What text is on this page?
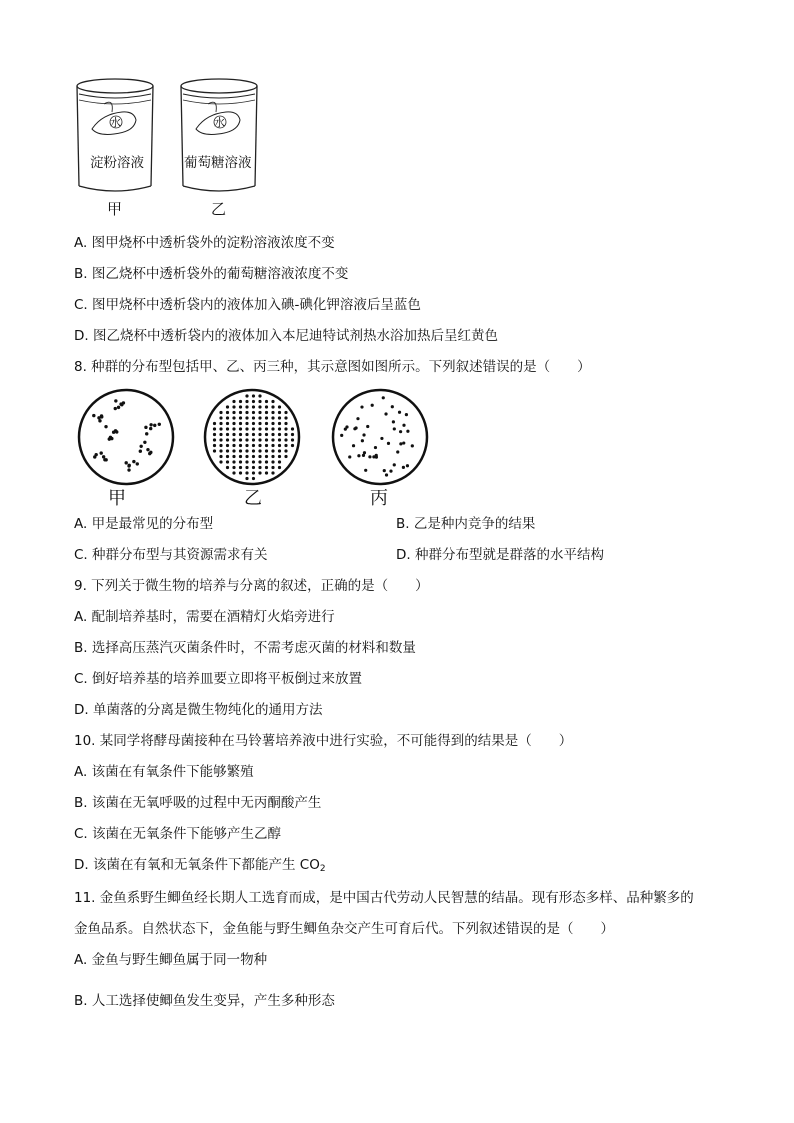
水	水
淀粉溶液	葡萄糖溶液
甲	乙
A. 图甲烧杯中透析袋外的淀粉溶液浓度不变
B. 图乙烧杯中透析袋外的葡萄糖溶液浓度不变
C. 图甲烧杯中透析袋内的液体加入碘-碘化钾溶液后呈蓝色
D. 图乙烧杯中透析袋内的液体加入本尼迪特试剂热水浴加热后呈红黄色
8. 种群的分布型包括甲、乙、丙三种，其示意图如图所示。下列叙述错误的是（　　）
甲	乙	丙
A. 甲是最常见的分布型	B. 乙是种内竞争的结果
C. 种群分布型与其资源需求有关	D. 种群分布型就是群落的水平结构
9. 下列关于微生物的培养与分离的叙述，正确的是（　　）
A. 配制培养基时，需要在酒精灯火焰旁进行
B. 选择高压蒸汽灭菌条件时，不需考虑灭菌的材料和数量
C. 倒好培养基的培养皿要立即将平板倒过来放置
D. 单菌落的分离是微生物纯化的通用方法
10. 某同学将酵母菌接种在马铃薯培养液中进行实验，不可能得到的结果是（　　）
A. 该菌在有氧条件下能够繁殖
B. 该菌在无氧呼吸的过程中无丙酮酸产生
C. 该菌在无氧条件下能够产生乙醇
D. 该菌在有氧和无氧条件下都能产生 $CO_2$
11. 金鱼系野生鲫鱼经长期人工选育而成，是中国古代劳动人民智慧的结晶。现有形态多样、品种繁多的
金鱼品系。自然状态下，金鱼能与野生鲫鱼杂交产生可育后代。下列叙述错误的是（　　）
A. 金鱼与野生鲫鱼属于同一物种
B. 人工选择使鲫鱼发生变异，产生多种形态
